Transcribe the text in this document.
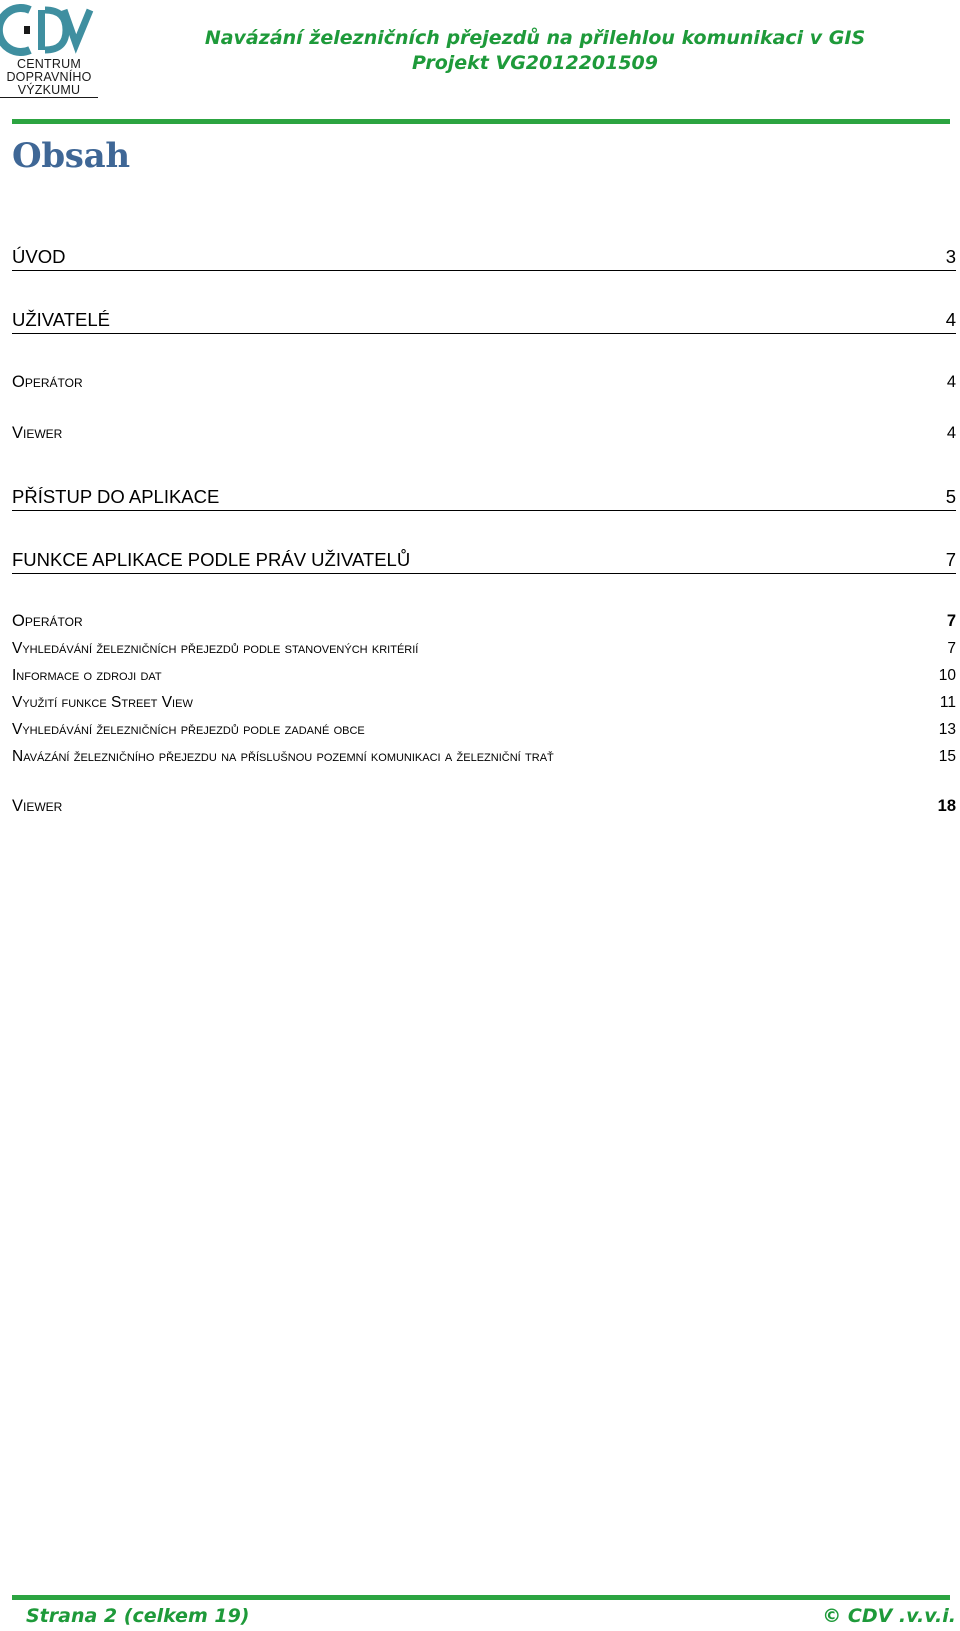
CENTRUM
DOPRAVNÍHO
VÝZKUMU
Navázání železničních přejezdů na přilehlou komunikaci v GIS
Projekt VG2012201509
Obsah
ÚVOD	3
UŽIVATELÉ	4
Operátor	4
Viewer	4
PŘÍSTUP DO APLIKACE	5
FUNKCE APLIKACE PODLE PRÁV UŽIVATELŮ	7
Operátor	7
Vyhledávání železničních přejezdů podle stanovených kritérií	7
Informace o zdroji dat	10
Využití funkce Street View	11
Vyhledávání železničních přejezdů podle zadané obce	13
Navázání železničního přejezdu na příslušnou pozemní komunikaci a železniční trať	15
Viewer	18
Strana 2 (celkem 19)	© CDV .v.v.i.
